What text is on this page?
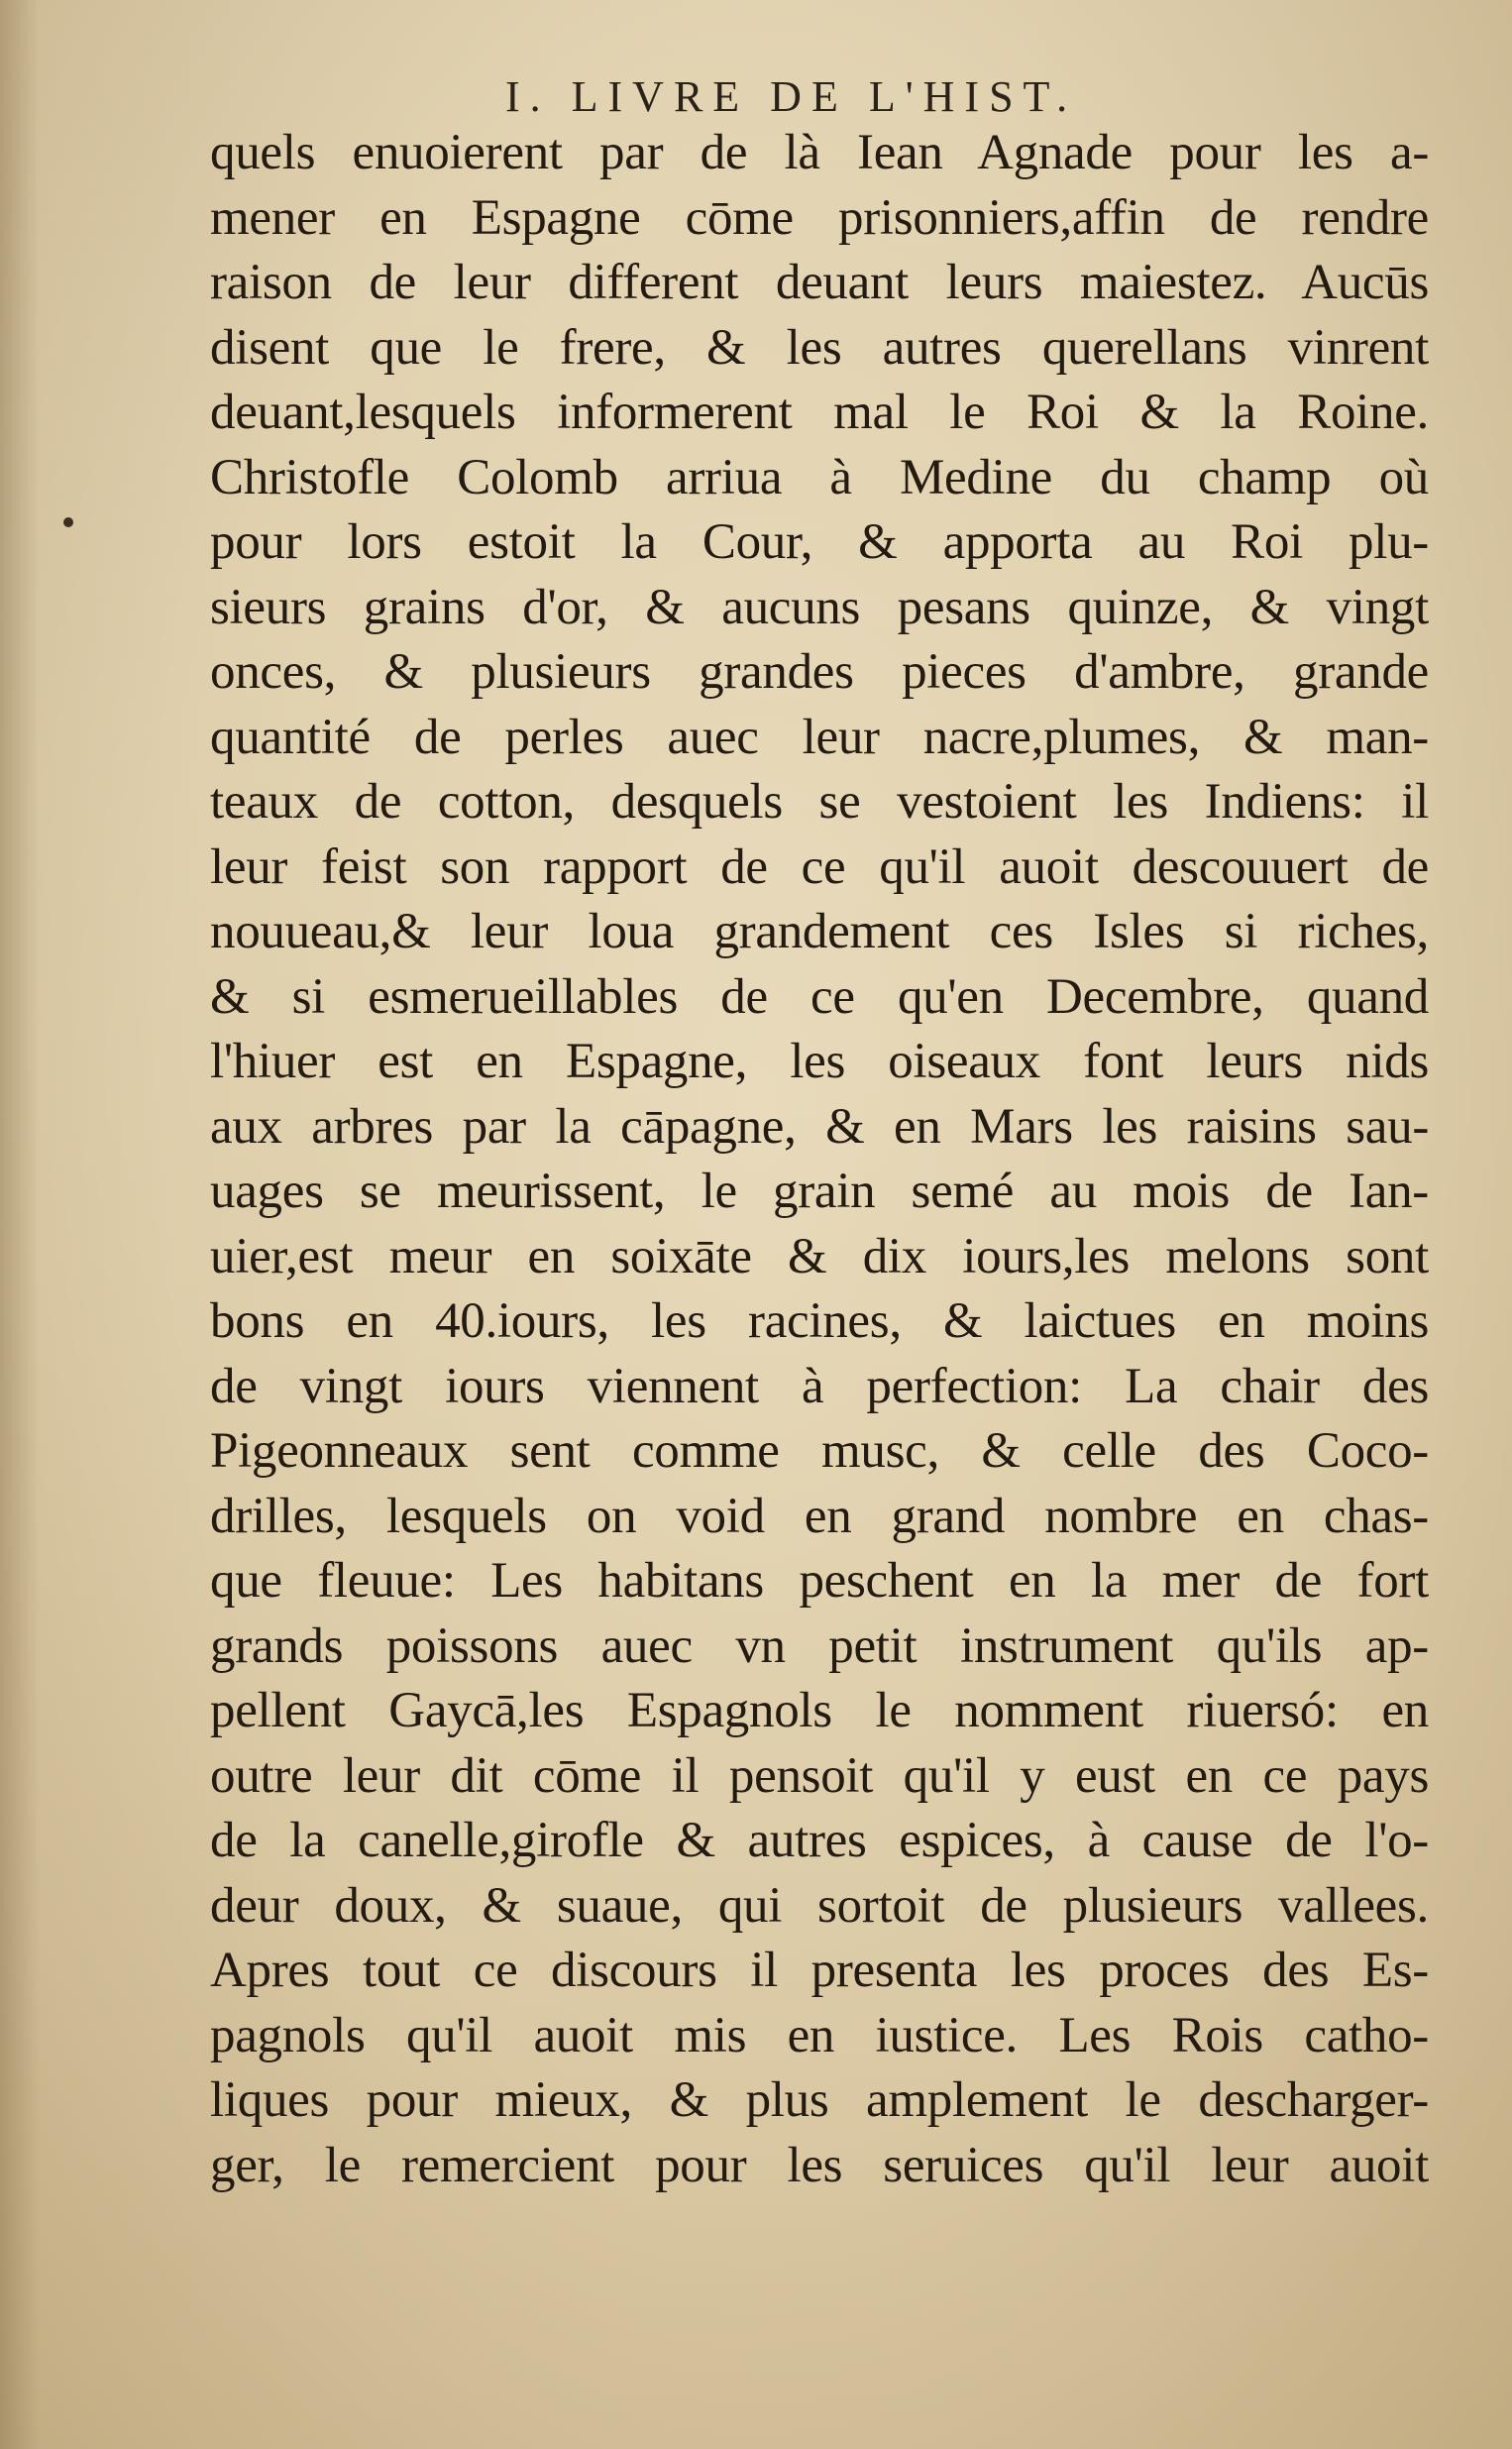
I. LIVRE DE L'HIST.
quels enuoierent par de là Iean Agnade pour les a-
mener en Espagne cōme prisonniers,affin de rendre
raison de leur different deuant leurs maiestez. Aucūs
disent que le frere, & les autres querellans vinrent
deuant,lesquels informerent mal le Roi & la Roine.
Christofle Colomb arriua à Medine du champ où
pour lors estoit la Cour, & apporta au Roi plu-
sieurs grains d'or, & aucuns pesans quinze, & vingt
onces, & plusieurs grandes pieces d'ambre, grande
quantité de perles auec leur nacre,plumes, & man-
teaux de cotton, desquels se vestoient les Indiens: il
leur feist son rapport de ce qu'il auoit descouuert de
nouueau,& leur loua grandement ces Isles si riches,
& si esmerueillables de ce qu'en Decembre, quand
l'hiuer est en Espagne, les oiseaux font leurs nids
aux arbres par la cāpagne, & en Mars les raisins sau-
uages se meurissent, le grain semé au mois de Ian-
uier,est meur en soixāte & dix iours,les melons sont
bons en 40.iours, les racines, & laictues en moins
de vingt iours viennent à perfection: La chair des
Pigeonneaux sent comme musc, & celle des Coco-
drilles, lesquels on void en grand nombre en chas-
que fleuue: Les habitans peschent en la mer de fort
grands poissons auec vn petit instrument qu'ils ap-
pellent Gaycā,les Espagnols le nomment riuersó: en
outre leur dit cōme il pensoit qu'il y eust en ce pays
de la canelle,girofle & autres espices, à cause de l'o-
deur doux, & suaue, qui sortoit de plusieurs vallees.
Apres tout ce discours il presenta les proces des Es-
pagnols qu'il auoit mis en iustice. Les Rois catho-
liques pour mieux, & plus amplement le descharger-
ger, le remercient pour les seruices qu'il leur auoit
